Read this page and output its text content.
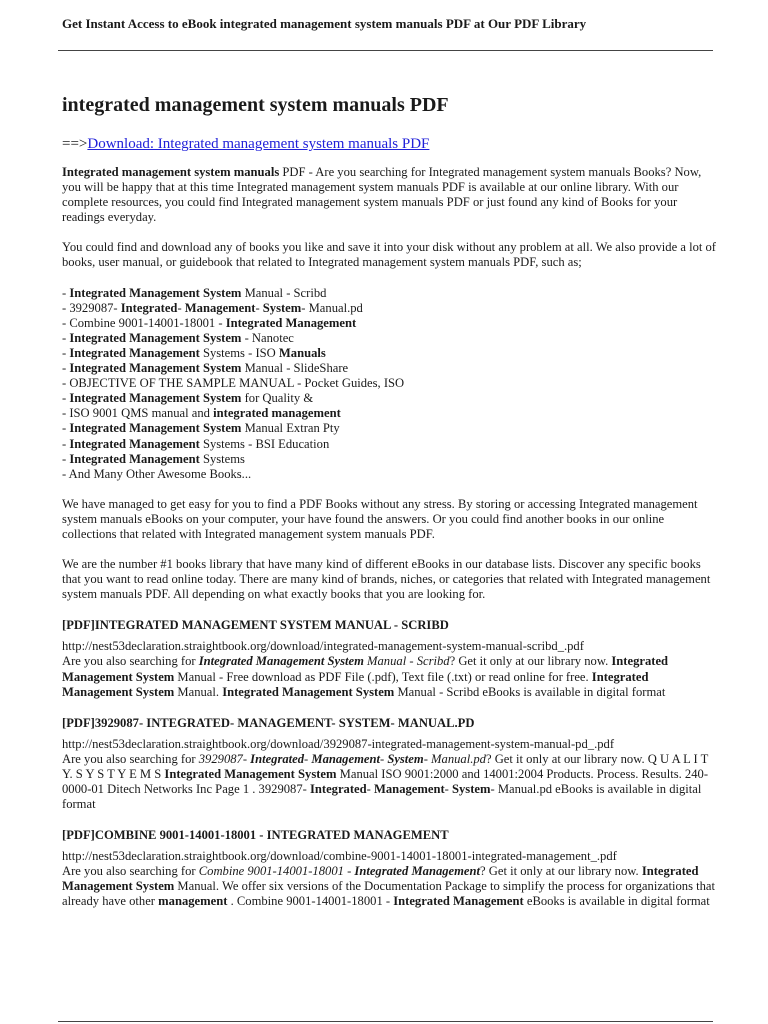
Get Instant Access to eBook integrated management system manuals PDF at Our PDF Library
integrated management system manuals PDF
==>Download: Integrated management system manuals PDF

Integrated management system manuals PDF - Are you searching for Integrated management system manuals Books? Now, you will be happy that at this time Integrated management system manuals PDF is available at our online library. With our complete resources, you could find Integrated management system manuals PDF or just found any kind of Books for your readings everyday.

You could find and download any of books you like and save it into your disk without any problem at all. We also provide a lot of books, user manual, or guidebook that related to Integrated management system manuals PDF, such as;

- Integrated Management System Manual - Scribd
- 3929087- Integrated- Management- System- Manual.pd
- Combine 9001-14001-18001 - Integrated Management
- Integrated Management System - Nanotec
- Integrated Management Systems - ISO Manuals
- Integrated Management System Manual - SlideShare
- OBJECTIVE OF THE SAMPLE MANUAL - Pocket Guides, ISO
- Integrated Management System for Quality &
- ISO 9001 QMS manual and integrated management
- Integrated Management System Manual Extran Pty
- Integrated Management Systems - BSI Education
- Integrated Management Systems
- And Many Other Awesome Books...

We have managed to get easy for you to find a PDF Books without any stress. By storing or accessing Integrated management system manuals eBooks on your computer, your have found the answers. Or you could find another books in our online collections that related with Integrated management system manuals PDF.

We are the number #1 books library that have many kind of different eBooks in our database lists. Discover any specific books that you want to read online today. There are many kind of brands, niches, or categories that related with Integrated management system manuals PDF. All depending on what exactly books that you are looking for.

[PDF]INTEGRATED MANAGEMENT SYSTEM MANUAL - SCRIBD

http://nest53declaration.straightbook.org/download/integrated-management-system-manual-scribd_.pdf

Are you also searching for Integrated Management System Manual - Scribd? Get it only at our library now. Integrated Management System Manual - Free download as PDF File (.pdf), Text file (.txt) or read online for free. Integrated Management System Manual. Integrated Management System Manual - Scribd eBooks is available in digital format

[PDF]3929087- INTEGRATED- MANAGEMENT- SYSTEM- MANUAL.PD

http://nest53declaration.straightbook.org/download/3929087-integrated-management-system-manual-pd_.pdf

Are you also searching for 3929087- Integrated- Management- System- Manual.pd? Get it only at our library now. Q U A L I T Y. S Y S T Y E M S Integrated Management System Manual ISO 9001:2000 and 14001:2004 Products. Process. Results. 240-0000-01 Ditech Networks Inc Page 1 . 3929087- Integrated- Management- System- Manual.pd eBooks is available in digital format

[PDF]COMBINE 9001-14001-18001 - INTEGRATED MANAGEMENT

http://nest53declaration.straightbook.org/download/combine-9001-14001-18001-integrated-management_.pdf

Are you also searching for Combine 9001-14001-18001 - Integrated Management? Get it only at our library now. Integrated Management System Manual. We offer six versions of the Documentation Package to simplify the process for organizations that already have other management . Combine 9001-14001-18001 - Integrated Management eBooks is available in digital format
